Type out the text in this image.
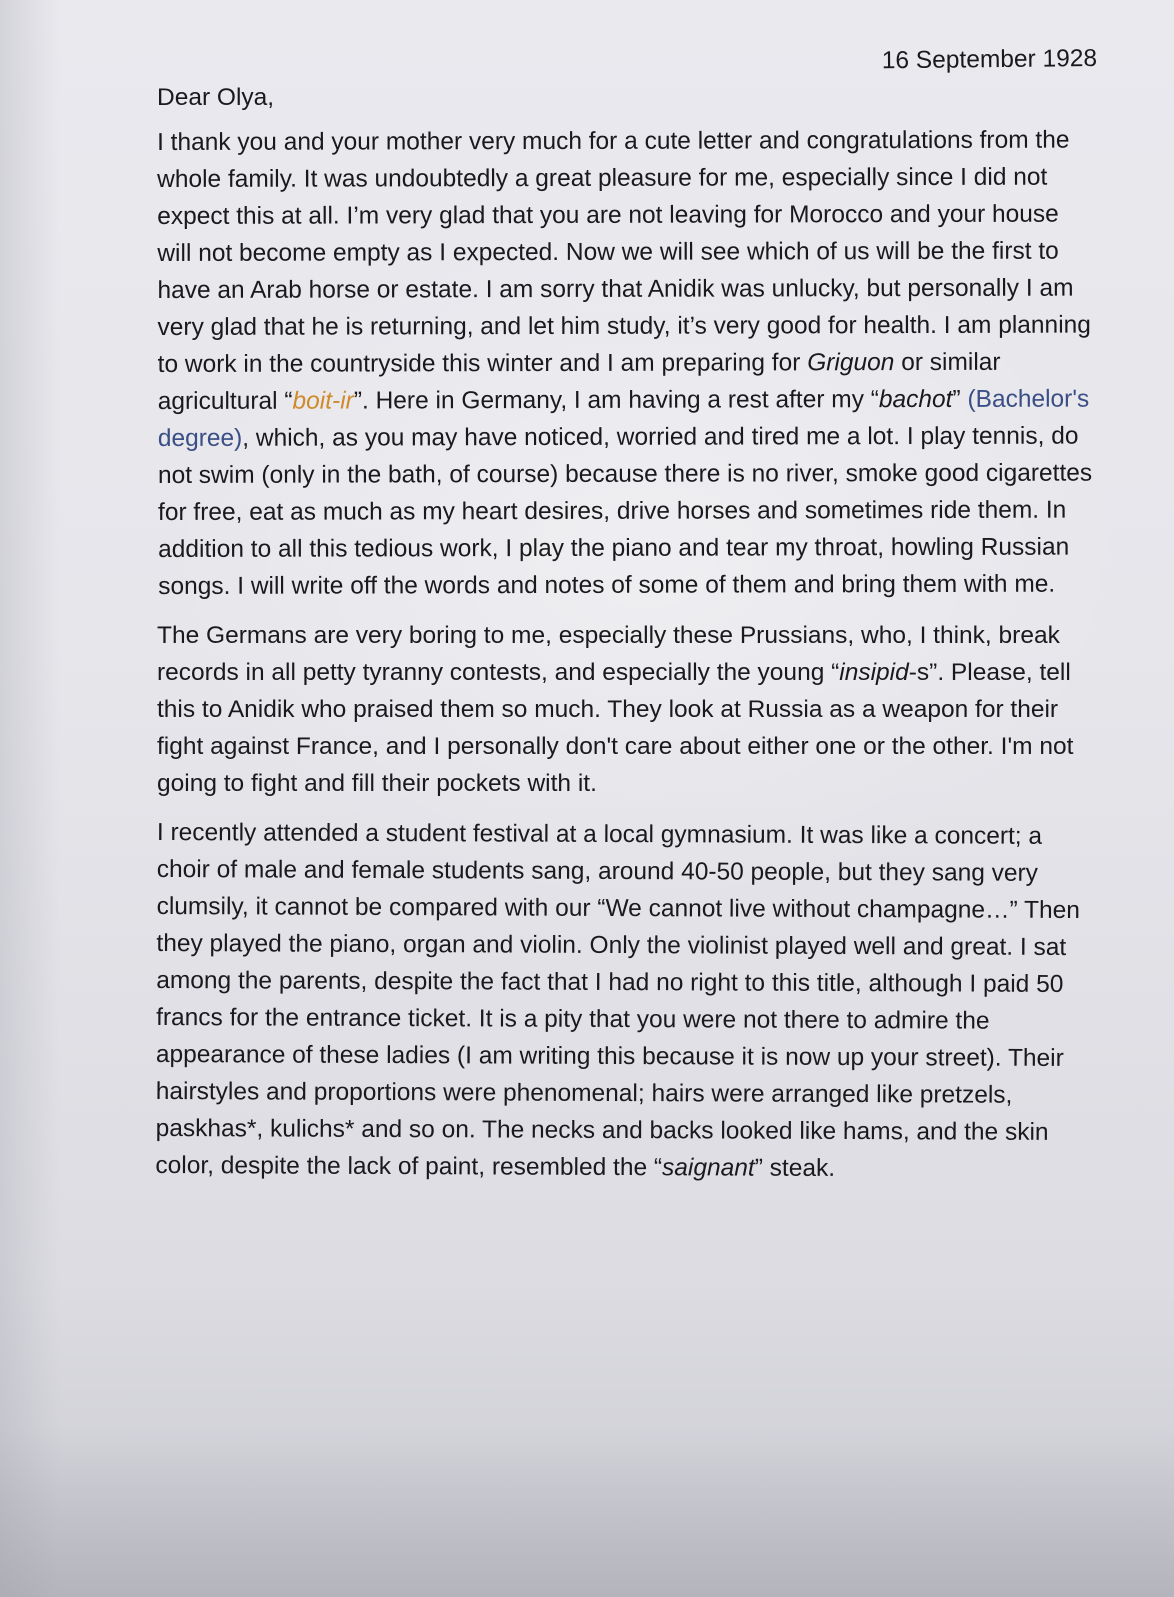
16 September 1928
Dear Olya,

I thank you and your mother very much for a cute letter and congratulations from the whole family. It was undoubtedly a great pleasure for me, especially since I did not expect this at all. I’m very glad that you are not leaving for Morocco and your house will not become empty as I expected. Now we will see which of us will be the first to have an Arab horse or estate. I am sorry that Anidik was unlucky, but personally I am very glad that he is returning, and let him study, it’s very good for health. I am planning to work in the countryside this winter and I am preparing for Griguon or similar agricultural “boit-ir”. Here in Germany, I am having a rest after my “bachot” (Bachelor's degree), which, as you may have noticed, worried and tired me a lot. I play tennis, do not swim (only in the bath, of course) because there is no river, smoke good cigarettes for free, eat as much as my heart desires, drive horses and sometimes ride them. In addition to all this tedious work, I play the piano and tear my throat, howling Russian songs. I will write off the words and notes of some of them and bring them with me.

The Germans are very boring to me, especially these Prussians, who, I think, break records in all petty tyranny contests, and especially the young “insipid-s”. Please, tell this to Anidik who praised them so much. They look at Russia as a weapon for their fight against France, and I personally don't care about either one or the other. I'm not going to fight and fill their pockets with it.

I recently attended a student festival at a local gymnasium. It was like a concert; a choir of male and female students sang, around 40-50 people, but they sang very clumsily, it cannot be compared with our “We cannot live without champagne…” Then they played the piano, organ and violin. Only the violinist played well and great. I sat among the parents, despite the fact that I had no right to this title, although I paid 50 francs for the entrance ticket. It is a pity that you were not there to admire the appearance of these ladies (I am writing this because it is now up your street). Their hairstyles and proportions were phenomenal; hairs were arranged like pretzels, paskhas*, kulichs* and so on. The necks and backs looked like hams, and the skin color, despite the lack of paint, resembled the “saignant” steak.
